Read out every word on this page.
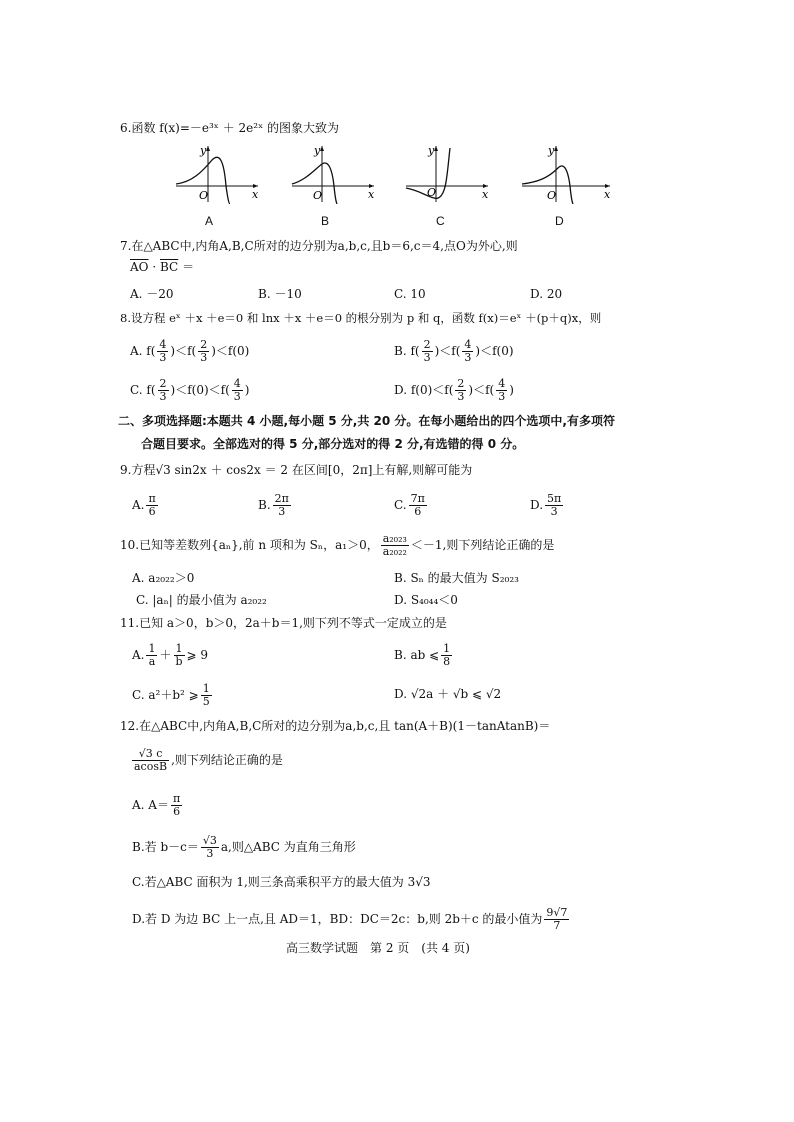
6.函数 f(x)=－e³ˣ ＋ 2e²ˣ 的图象大致为
y
x
O
A
y
x
O
B
y
x
O
C
y
x
O
D
7.在△ABC中,内角A,B,C所对的边分别为a,b,c,且b＝6,c＝4,点O为外心,则
$\overline{AO} \cdot \overline{BC}$ ＝
A. －20	B. －10	C. 10	D. 20
8.设方程 eˣ ＋x ＋e＝0 和 lnx ＋x ＋e＝0 的根分别为 p 和 q，函数 f(x)＝eˣ ＋(p＋q)x，则
A. $f( \frac{4}{3} )<f( \frac{2}{3} )<f(0)$	B. $f( \frac{2}{3} )<f( \frac{4}{3} )<f(0)$
C. $f( \frac{2}{3} )<f(0)<f( \frac{4}{3}$ )	D. $f(0)<f( \frac{2}{3} )<f( \frac{4}{3}$ )
二、多项选择题:本题共 4 小题,每小题 5 分,共 20 分。在每小题给出的四个选项中,有多项符
合题目要求。全部选对的得 5 分,部分选对的得 2 分,有选错的得 0 分。
9.方程√3 sin2x ＋ cos2x ＝ 2 在区间[0，2π]上有解,则解可能为
A. $\frac{\pi}{6}$	B. $\frac{2\pi}{3}$	C. $\frac{7\pi}{6}$	D. $\frac{5\pi}{3}$
10.已知等差数列{aₙ},前 n 项和为 Sₙ，a₁＞0， $\frac{\text{a₂₀₂₃}}{\text{a₂₀₂₂}} <-1$,则下列结论正确的是
A. a₂₀₂₂＞0	B. Sₙ 的最大值为 S₂₀₂₃
C. |aₙ| 的最小值为 a₂₀₂₂	D. S₄₀₄₄＜0
11.已知 a＞0，b＞0，2a＋b＝1,则下列不等式一定成立的是
A. $\frac{1}{a} + \frac{1}{b}$ ⩾ 9	B. ab ⩽ $\frac{1}{8}$
C. a²＋b² ⩾ $\frac{1}{5}$	D. √2a ＋ √b ⩽ √2
12.在△ABC中,内角A,B,C所对的边分别为a,b,c,且 tan(A＋B)(1－tanAtanB)＝
$\frac{√3 c}{acosB}$ ,则下列结论正确的是
A. $A= \frac{\pi}{6}$
B.若 $b-c= \frac{√3}{3} a$,则△ABC 为直角三角形
C.若△ABC 面积为 1,则三条高乘积平方的最大值为 3√3
D.若 D 为边 BC 上一点,且 AD＝1，BD：DC＝2c：b,则 2b＋c 的最小值为 $\frac{9√7}{7}$
高三数学试题　第 2 页　(共 4 页)
